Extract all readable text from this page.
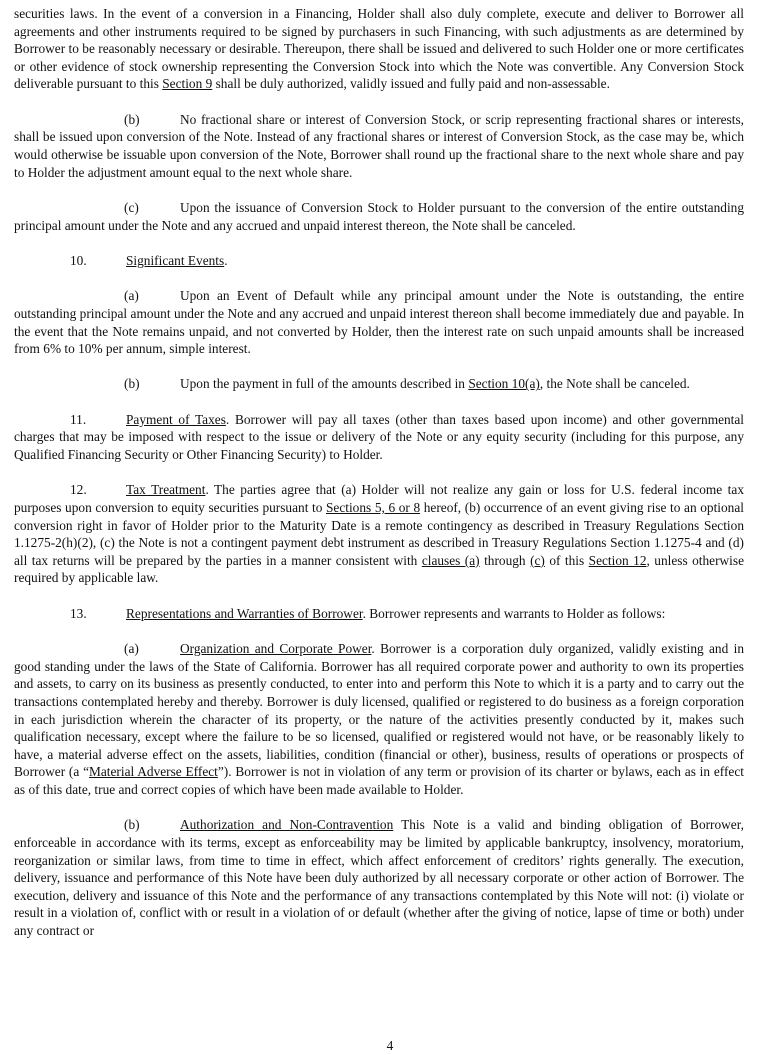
securities laws. In the event of a conversion in a Financing, Holder shall also duly complete, execute and deliver to Borrower all agreements and other instruments required to be signed by purchasers in such Financing, with such adjustments as are determined by Borrower to be reasonably necessary or desirable. Thereupon, there shall be issued and delivered to such Holder one or more certificates or other evidence of stock ownership representing the Conversion Stock into which the Note was convertible. Any Conversion Stock deliverable pursuant to this Section 9 shall be duly authorized, validly issued and fully paid and non-assessable.

(b)	No fractional share or interest of Conversion Stock, or scrip representing fractional shares or interests, shall be issued upon conversion of the Note. Instead of any fractional shares or interest of Conversion Stock, as the case may be, which would otherwise be issuable upon conversion of the Note, Borrower shall round up the fractional share to the next whole share and pay to Holder the adjustment amount equal to the next whole share.

(c)	Upon the issuance of Conversion Stock to Holder pursuant to the conversion of the entire outstanding principal amount under the Note and any accrued and unpaid interest thereon, the Note shall be canceled.

10.	Significant Events.

(a)	Upon an Event of Default while any principal amount under the Note is outstanding, the entire outstanding principal amount under the Note and any accrued and unpaid interest thereon shall become immediately due and payable. In the event that the Note remains unpaid, and not converted by Holder, then the interest rate on such unpaid amounts shall be increased from 6% to 10% per annum, simple interest.

(b)	Upon the payment in full of the amounts described in Section 10(a), the Note shall be canceled.

11.	Payment of Taxes. Borrower will pay all taxes (other than taxes based upon income) and other governmental charges that may be imposed with respect to the issue or delivery of the Note or any equity security (including for this purpose, any Qualified Financing Security or Other Financing Security) to Holder.

12.	Tax Treatment. The parties agree that (a) Holder will not realize any gain or loss for U.S. federal income tax purposes upon conversion to equity securities pursuant to Sections 5, 6 or 8 hereof, (b) occurrence of an event giving rise to an optional conversion right in favor of Holder prior to the Maturity Date is a remote contingency as described in Treasury Regulations Section 1.1275-2(h)(2), (c) the Note is not a contingent payment debt instrument as described in Treasury Regulations Section 1.1275-4 and (d) all tax returns will be prepared by the parties in a manner consistent with clauses (a) through (c) of this Section 12, unless otherwise required by applicable law.

13.	Representations and Warranties of Borrower. Borrower represents and warrants to Holder as follows:

(a)	Organization and Corporate Power. Borrower is a corporation duly organized, validly existing and in good standing under the laws of the State of California. Borrower has all required corporate power and authority to own its properties and assets, to carry on its business as presently conducted, to enter into and perform this Note to which it is a party and to carry out the transactions contemplated hereby and thereby. Borrower is duly licensed, qualified or registered to do business as a foreign corporation in each jurisdiction wherein the character of its property, or the nature of the activities presently conducted by it, makes such qualification necessary, except where the failure to be so licensed, qualified or registered would not have, or be reasonably likely to have, a material adverse effect on the assets, liabilities, condition (financial or other), business, results of operations or prospects of Borrower (a “Material Adverse Effect”). Borrower is not in violation of any term or provision of its charter or bylaws, each as in effect as of this date, true and correct copies of which have been made available to Holder.

(b)	Authorization and Non-Contravention This Note is a valid and binding obligation of Borrower, enforceable in accordance with its terms, except as enforceability may be limited by applicable bankruptcy, insolvency, moratorium, reorganization or similar laws, from time to time in effect, which affect enforcement of creditors’ rights generally. The execution, delivery, issuance and performance of this Note have been duly authorized by all necessary corporate or other action of Borrower. The execution, delivery and issuance of this Note and the performance of any transactions contemplated by this Note will not: (i) violate or result in a violation of, conflict with or result in a violation of or default (whether after the giving of notice, lapse of time or both) under any contract or

4
